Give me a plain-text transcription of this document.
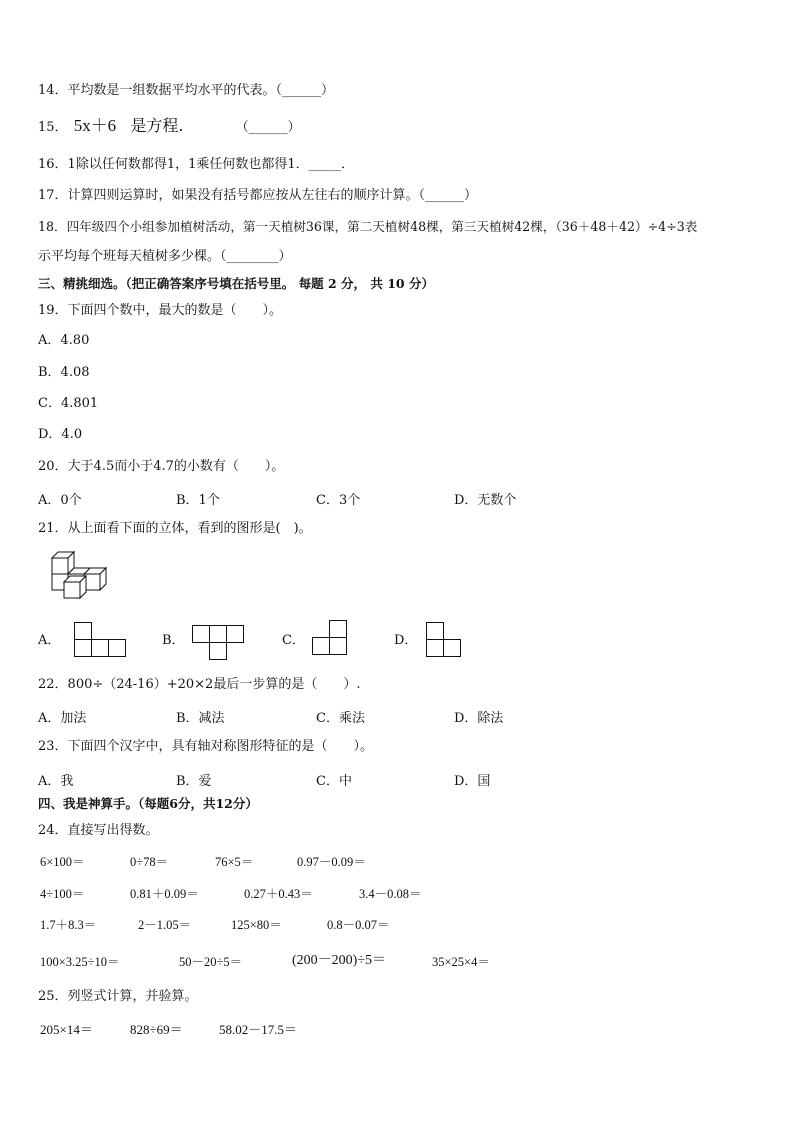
14．平均数是一组数据平均水平的代表。（______）
15． 5x＋6 是方程.	（______）
16．1除以任何数都得1，1乘任何数也都得1．_____．
17．计算四则运算时，如果没有括号都应按从左往右的顺序计算。（______）
18．四年级四个小组参加植树活动，第一天植树36课，第二天植树48棵，第三天植树42棵，（36＋48＋42）÷4÷3表
示平均每个班每天植树多少棵。（________）
三、精挑细选。（把正确答案序号填在括号里。 每题 2 分， 共 10 分）
19．下面四个数中，最大的数是（　　）。
A．4.80
B．4.08
C．4.801
D．4.0
20．大于4.5而小于4.7的小数有（　　）。
A．0个	B．1个	C．3个	D．无数个
21．从上面看下面的立体，看到的图形是(　)。
A．	B．	C．	D．
22．800÷（24-16）+20×2最后一步算的是（　　）.
A．加法	B．减法	C．乘法	D．除法
23．下面四个汉字中，具有轴对称图形特征的是（　　）。
A．我	B．爱	C．中	D．国
四、我是神算手。（每题6分，共12分）
24．直接写出得数。
6×100＝	0÷78＝	76×5＝	0.97－0.09＝
4÷100＝	0.81＋0.09＝	0.27＋0.43＝	3.4－0.08＝
1.7＋8.3＝	2－1.05＝	125×80＝	0.8－0.07＝
100×3.25÷10＝	50－20÷5＝	(200－200)÷5＝	35×25×4＝
25．列竖式计算，并验算。
205×14＝	828÷69＝	58.02－17.5＝
